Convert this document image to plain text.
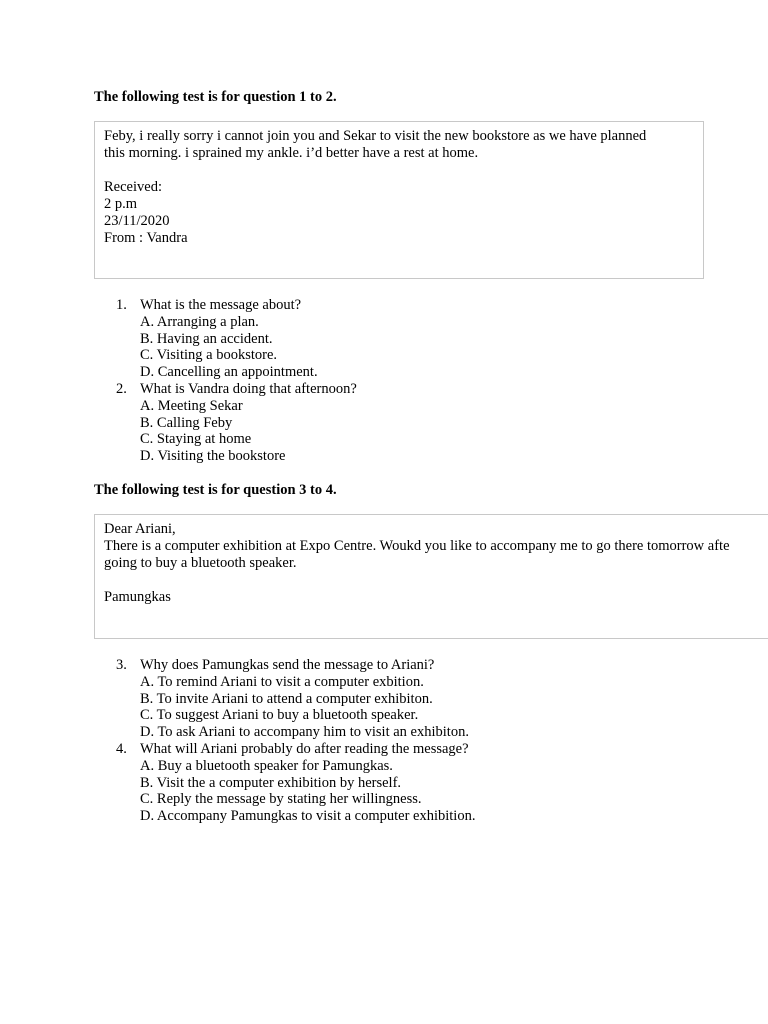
The following test is for question 1 to 2.
Feby, i really sorry i cannot join you and Sekar to visit the new bookstore as we have planned
this morning. i sprained my ankle. i’d better have a rest at home.
Received:
2 p.m
23/11/2020
From : Vandra
1. What is the message about?
A. Arranging a plan.
B. Having an accident.
C. Visiting a bookstore.
D. Cancelling an appointment.
2. What is Vandra doing that afternoon?
A. Meeting Sekar
B. Calling Feby
C. Staying at home
D. Visiting the bookstore
The following test is for question 3 to 4.
Dear Ariani,
There is a computer exhibition at Expo Centre. Woukd you like to accompany me to go there tomorrow afte
going to buy a bluetooth speaker.
Pamungkas
3. Why does Pamungkas send the message to Ariani?
A. To remind Ariani to visit a computer exbition.
B. To invite Ariani to attend a computer exhibiton.
C. To suggest Ariani to buy a bluetooth speaker.
D. To ask Ariani to accompany him to visit an exhibiton.
4. What will Ariani probably do after reading the message?
A. Buy a bluetooth speaker for Pamungkas.
B. Visit the a computer exhibition by herself.
C. Reply the message by stating her willingness.
D. Accompany Pamungkas to visit a computer exhibition.
